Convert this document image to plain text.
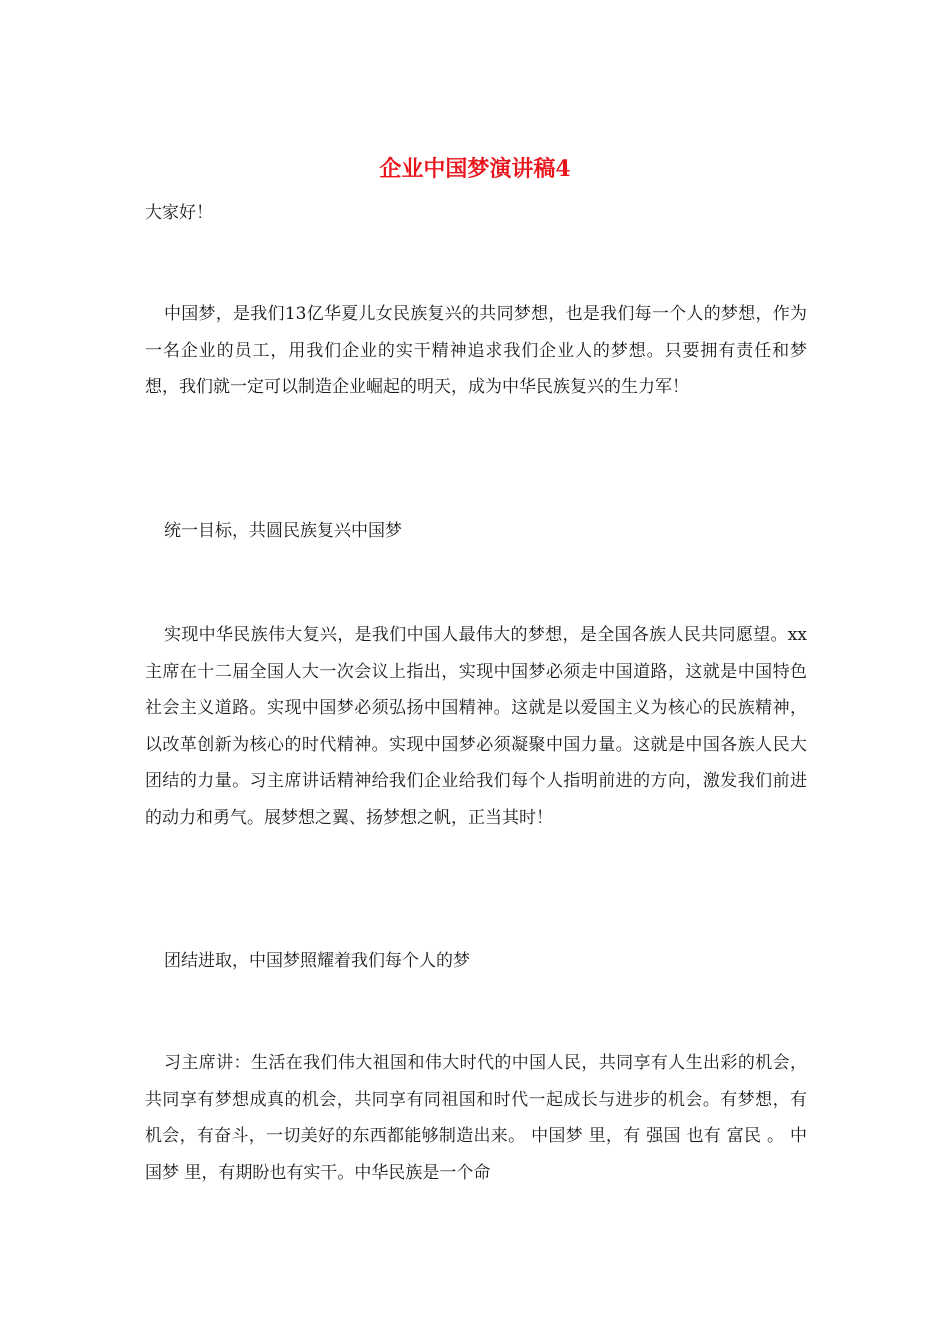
企业中国梦演讲稿4

大家好！

中国梦，是我们13亿华夏儿女民族复兴的共同梦想，也是我们每一个人的梦想，作为一名企业的员工，用我们企业的实干精神追求我们企业人的梦想。只要拥有责任和梦想，我们就一定可以制造企业崛起的明天，成为中华民族复兴的生力军！

统一目标，共圆民族复兴中国梦

实现中华民族伟大复兴，是我们中国人最伟大的梦想，是全国各族人民共同愿望。xx主席在十二届全国人大一次会议上指出，实现中国梦必须走中国道路，这就是中国特色社会主义道路。实现中国梦必须弘扬中国精神。这就是以爱国主义为核心的民族精神，以改革创新为核心的时代精神。实现中国梦必须凝聚中国力量。这就是中国各族人民大团结的力量。习主席讲话精神给我们企业给我们每个人指明前进的方向，激发我们前进的动力和勇气。展梦想之翼、扬梦想之帆，正当其时！

团结进取，中国梦照耀着我们每个人的梦

习主席讲：生活在我们伟大祖国和伟大时代的中国人民，共同享有人生出彩的机会，共同享有梦想成真的机会，共同享有同祖国和时代一起成长与进步的机会。有梦想，有机会，有奋斗，一切美好的东西都能够制造出来。 中国梦 里，有 强国 也有 富民 。 中国梦 里，有期盼也有实干。中华民族是一个命
